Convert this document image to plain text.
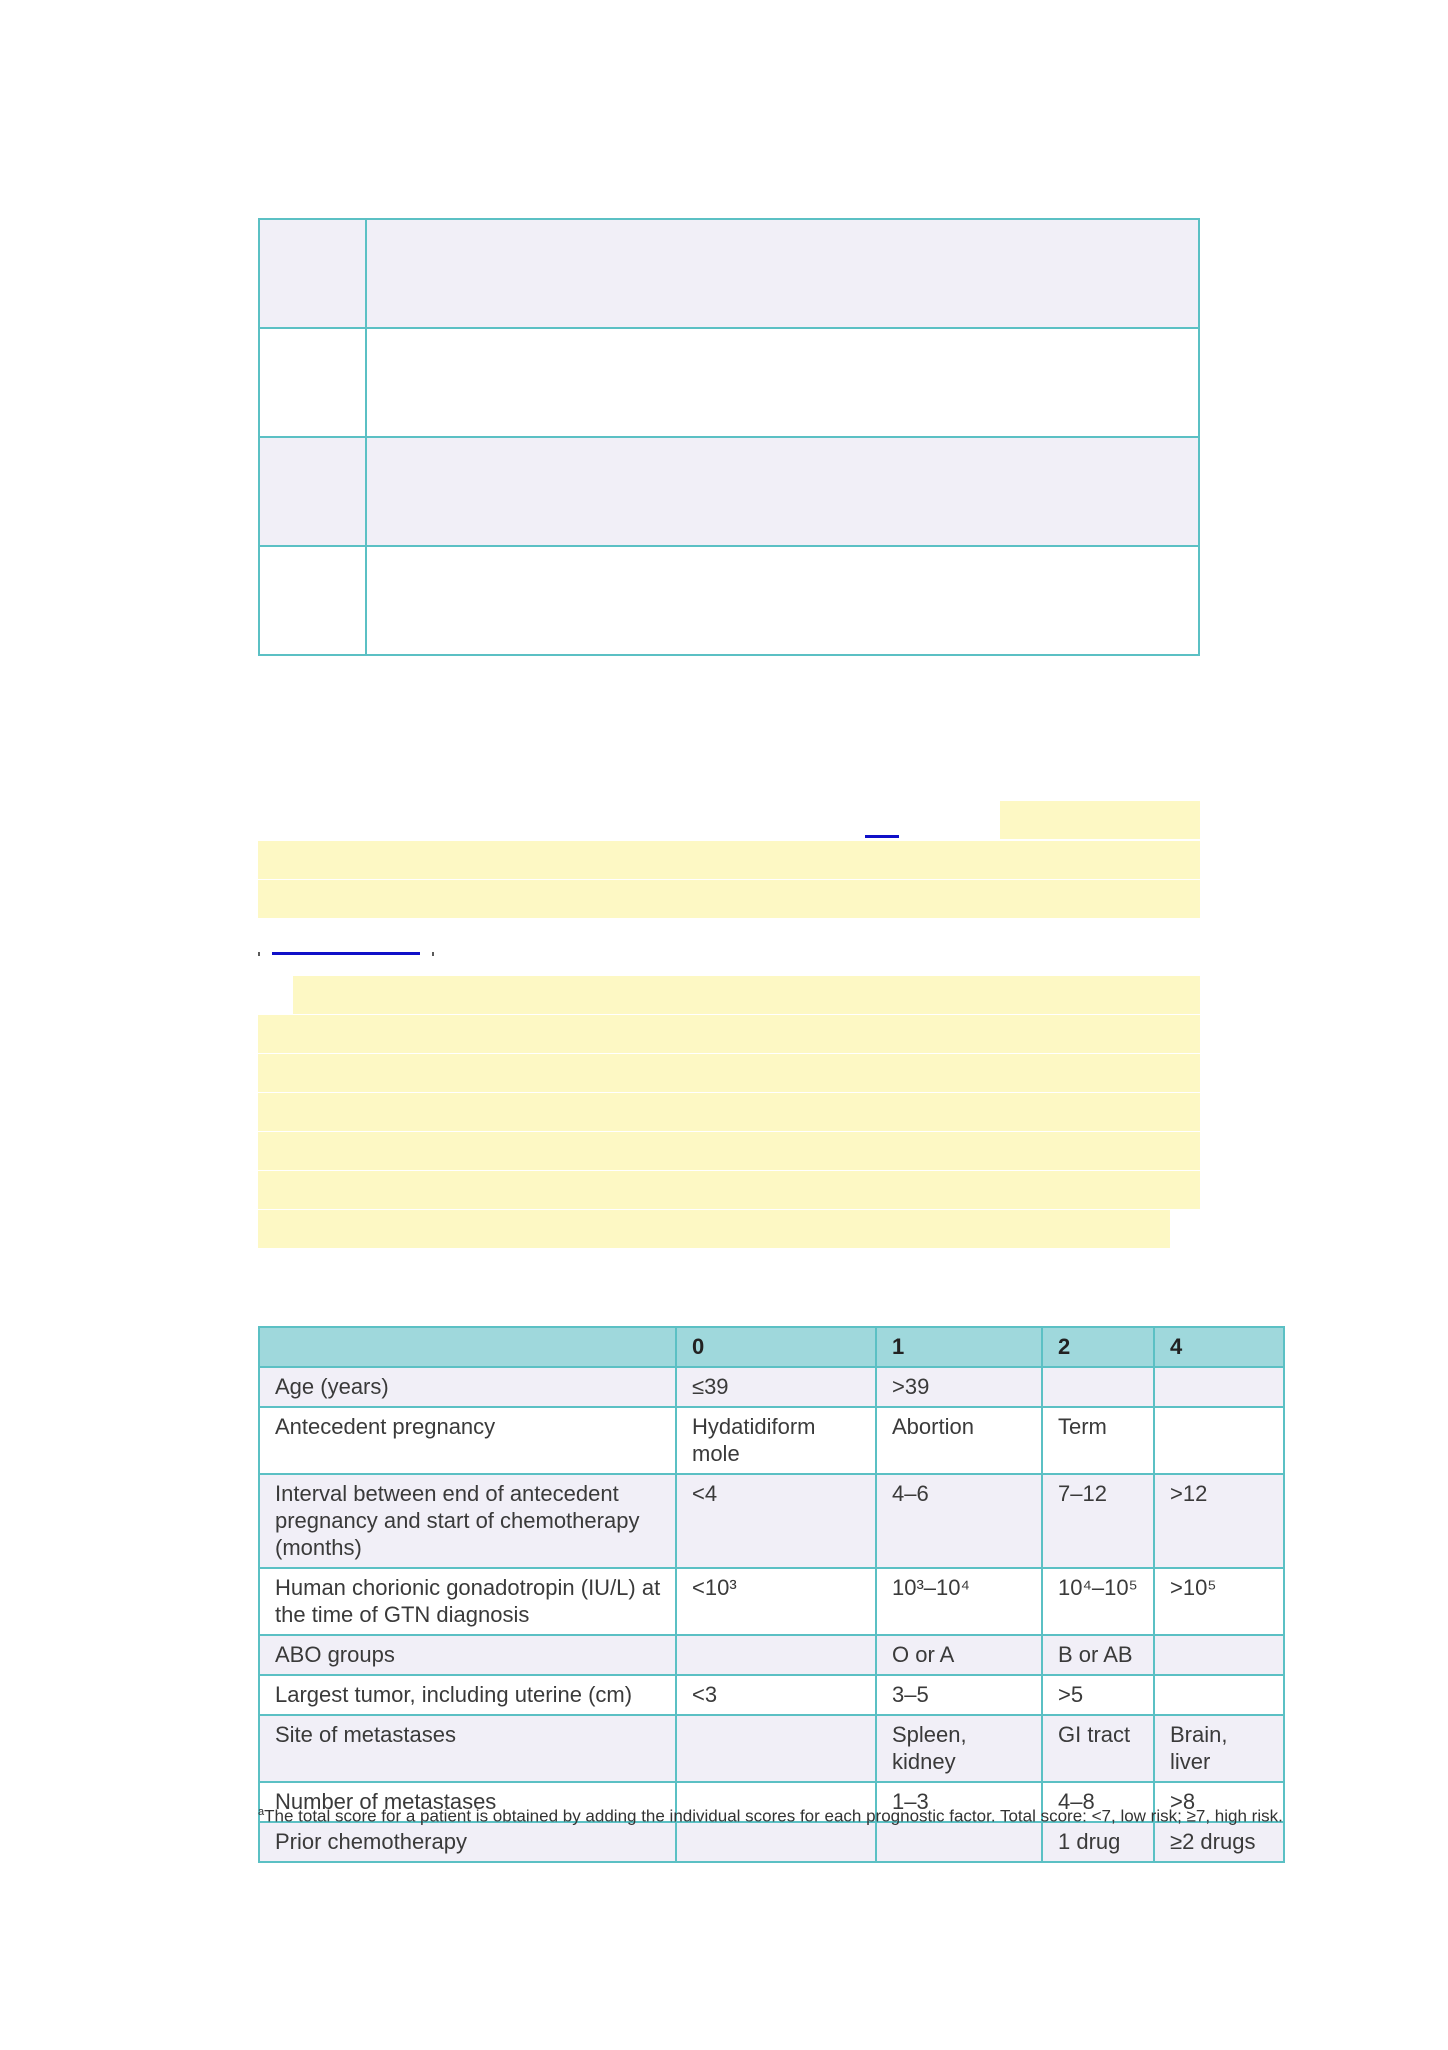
	0	1	2	4
Age (years)	≤39	>39		
Antecedent pregnancy	Hydatidiform mole	Abortion	Term	
Interval between end of antecedent pregnancy and start of chemotherapy (months)	<4	4–6	7–12	>12
Human chorionic gonadotropin (IU/L) at the time of GTN diagnosis	<10³	10³–10⁴	10⁴–10⁵	>10⁵
ABO groups		O or A	B or AB	
Largest tumor, including uterine (cm)	<3	3–5	>5	
Site of metastases		Spleen, kidney	GI tract	Brain, liver
Number of metastases		1–3	4–8	>8
Prior chemotherapy			1 drug	≥2 drugs
$^a$The total score for a patient is obtained by adding the individual scores for each prognostic factor. Total score: <7, low risk; ≥7, high risk.
